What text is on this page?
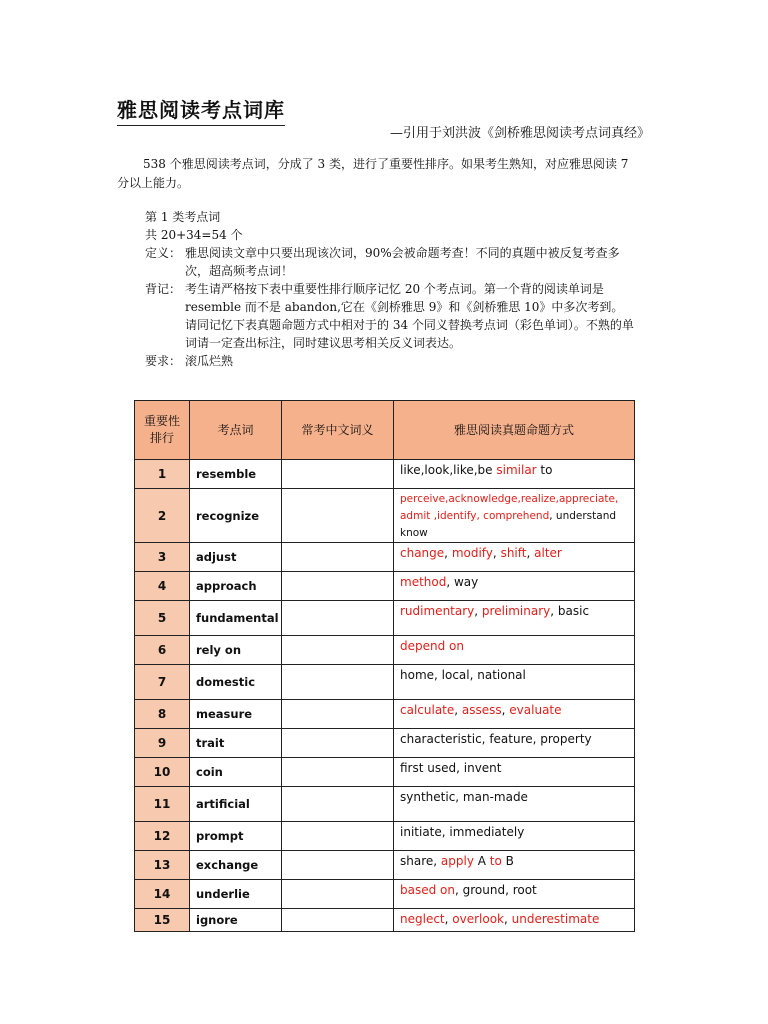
雅思阅读考点词库
—引用于刘洪波《剑桥雅思阅读考点词真经》
538 个雅思阅读考点词，分成了 3 类，进行了重要性排序。如果考生熟知，对应雅思阅读 7 分以上能力。
第 1 类考点词
共 20+34=54 个
定义： 雅思阅读文章中只要出现该次词，90%会被命题考查！不同的真题中被反复考查多次，超高频考点词！
背记： 考生请严格按下表中重要性排行顺序记忆 20 个考点词。第一个背的阅读单词是 resemble 而不是 abandon,它在《剑桥雅思 9》和《剑桥雅思 10》中多次考到。请同记忆下表真题命题方式中相对于的 34 个同义替换考点词（彩色单词）。不熟的单词请一定查出标注，同时建议思考相关反义词表达。
要求： 滚瓜烂熟
重要性排行	考点词	常考中文词义	雅思阅读真题命题方式
1	resemble		like,look,like,be similar to
2	recognize		perceive,acknowledge,realize,appreciate, admit ,identify, comprehend, understand know
3	adjust		change, modify, shift, alter
4	approach		method, way
5	fundamental		rudimentary, preliminary, basic
6	rely on		depend on
7	domestic		home, local, national
8	measure		calculate, assess, evaluate
9	trait		characteristic, feature, property
10	coin		first used, invent
11	artificial		synthetic, man-made
12	prompt		initiate, immediately
13	exchange		share, apply A to B
14	underlie		based on, ground, root
15	ignore		neglect, overlook, underestimate
